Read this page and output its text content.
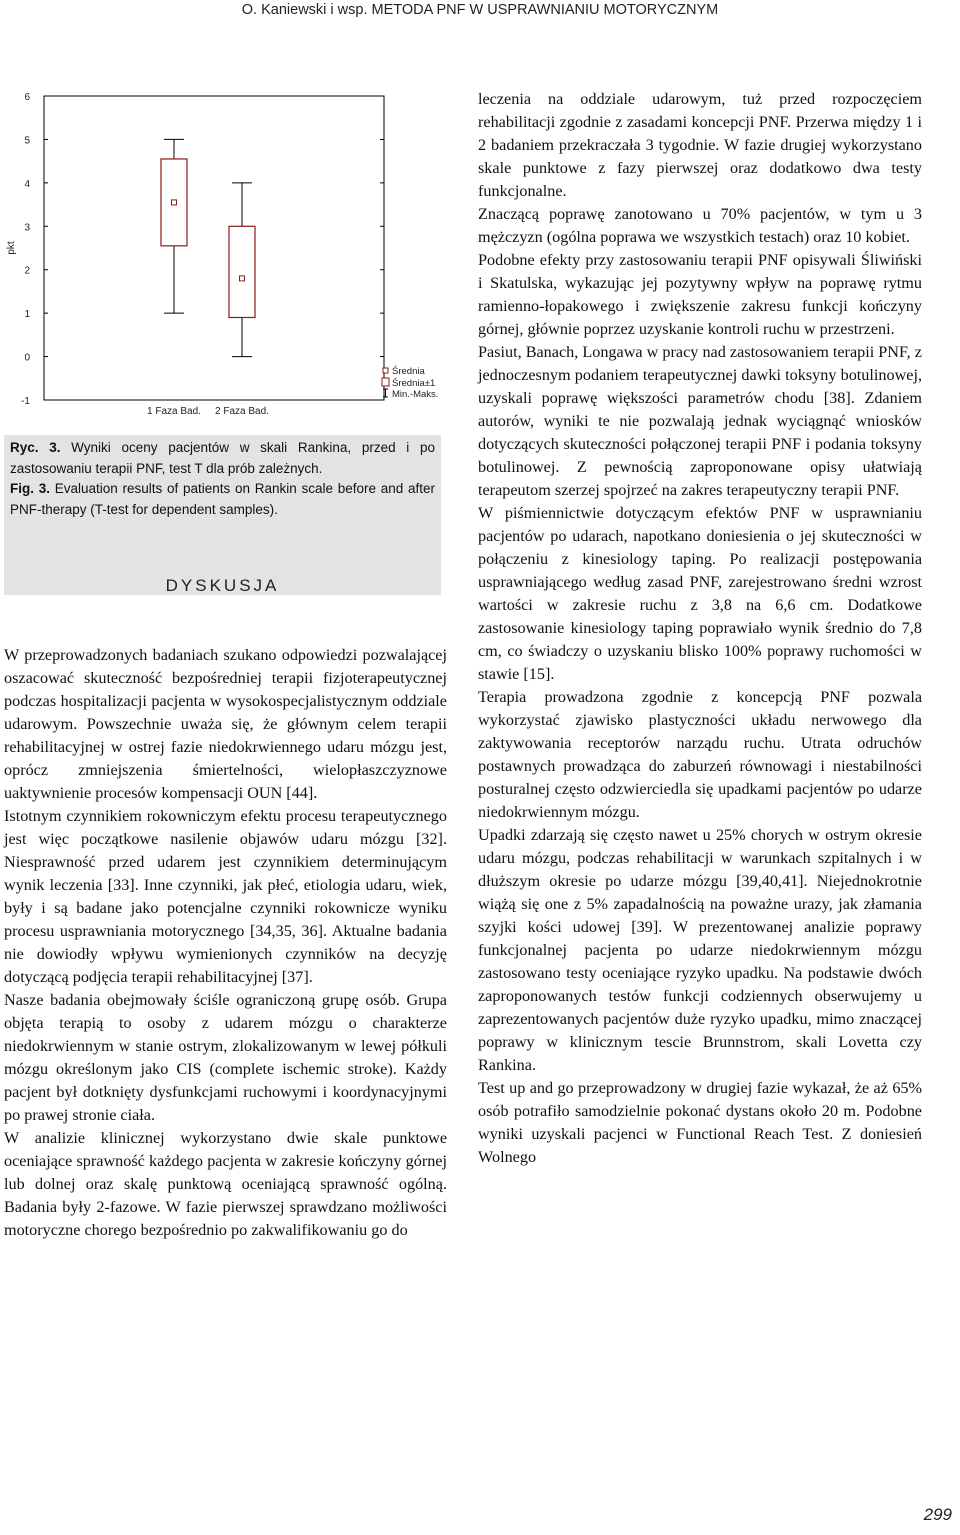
O. Kaniewski i wsp. METODA PNF W USPRAWNIANIU MOTORYCZNYM
6
5
4
3
2
1
0
-1
pkt
1 Faza Bad. 2 Faza Bad.
Średnia
Średnia±1
Min.-Maks.

Ryc. 3. Wyniki oceny pacjentów w skali Rankina, przed i po zastosowaniu terapii PNF, test T dla prób zależnych.

Fig. 3. Evaluation results of patients on Rankin scale before and after PNF-therapy (T-test for dependent samples).

DYSKUSJA

W przeprowadzonych badaniach szukano odpowiedzi pozwalającej oszacować skuteczność bezpośredniej terapii fizjoterapeutycznej podczas hospitalizacji pacjenta w wysokospecjalistycznym oddziale udarowym. Powszechnie uważa się, że głównym celem terapii rehabilitacyjnej w ostrej fazie niedokrwiennego udaru mózgu jest, oprócz zmniejszenia śmiertelności, wielopłaszczyznowe uaktywnienie procesów kompensacji OUN [44].

Istotnym czynnikiem rokowniczym efektu procesu terapeutycznego jest więc początkowe nasilenie objawów udaru mózgu [32]. Niesprawność przed udarem jest czynnikiem determinującym wynik leczenia [33]. Inne czynniki, jak płeć, etiologia udaru, wiek, były i są badane jako potencjalne czynniki rokownicze wyniku procesu usprawniania motorycznego [34,35, 36]. Aktualne badania nie dowiodły wpływu wymienionych czynników na decyzję dotyczącą podjęcia terapii rehabilitacyjnej [37].

Nasze badania obejmowały ściśle ograniczoną grupę osób. Grupa objęta terapią to osoby z udarem mózgu o charakterze niedokrwiennym w stanie ostrym, zlokalizowanym w lewej półkuli mózgu określonym jako CIS (complete ischemic stroke). Każdy pacjent był dotknięty dysfunkcjami ruchowymi i koordynacyjnymi po prawej stronie ciała.

W analizie klinicznej wykorzystano dwie skale punktowe oceniające sprawność każdego pacjenta w zakresie kończyny górnej lub dolnej oraz skalę punktową oceniającą sprawność ogólną. Badania były 2-fazowe. W fazie pierwszej sprawdzano możliwości motoryczne chorego bezpośrednio po zakwalifikowaniu go do

leczenia na oddziale udarowym, tuż przed rozpoczęciem rehabilitacji zgodnie z zasadami koncepcji PNF. Przerwa między 1 i 2 badaniem przekraczała 3 tygodnie. W fazie drugiej wykorzystano skale punktowe z fazy pierwszej oraz dodatkowo dwa testy funkcjonalne.

Znaczącą poprawę zanotowano u 70% pacjentów, w tym u 3 mężczyzn (ogólna poprawa we wszystkich testach) oraz 10 kobiet.

Podobne efekty przy zastosowaniu terapii PNF opisywali Śliwiński i Skatulska, wykazując jej pozytywny wpływ na poprawę rytmu ramienno-łopakowego i zwiększenie zakresu funkcji kończyny górnej, głównie poprzez uzyskanie kontroli ruchu w przestrzeni.

Pasiut, Banach, Longawa w pracy nad zastosowaniem terapii PNF, z jednoczesnym podaniem terapeutycznej dawki toksyny botulinowej, uzyskali poprawę większości parametrów chodu [38]. Zdaniem autorów, wyniki te nie pozwalają jednak wyciągnąć wniosków dotyczących skuteczności połączonej terapii PNF i podania toksyny botulinowej. Z pewnością zaproponowane opisy ułatwiają terapeutom szerzej spojrzeć na zakres terapeutyczny terapii PNF.

W piśmiennictwie dotyczącym efektów PNF w usprawnianiu pacjentów po udarach, napotkano doniesienia o jej skuteczności w połączeniu z kinesiology taping. Po realizacji postępowania usprawniającego według zasad PNF, zarejestrowano średni wzrost wartości w zakresie ruchu z 3,8 na 6,6 cm. Dodatkowe zastosowanie kinesiology taping poprawiało wynik średnio do 7,8 cm, co świadczy o uzyskaniu blisko 100% poprawy ruchomości w stawie [15].

Terapia prowadzona zgodnie z koncepcją PNF pozwala wykorzystać zjawisko plastyczności układu nerwowego dla zaktywowania receptorów narządu ruchu. Utrata odruchów postawnych prowadząca do zaburzeń równowagi i niestabilności posturalnej często odzwierciedla się upadkami pacjentów po udarze niedokrwiennym mózgu.

Upadki zdarzają się często nawet u 25% chorych w ostrym okresie udaru mózgu, podczas rehabilitacji w warunkach szpitalnych i w dłuższym okresie po udarze mózgu [39,40,41]. Niejednokrotnie wiążą się one z 5% zapadalnością na poważne urazy, jak złamania szyjki kości udowej [39]. W prezentowanej analizie poprawy funkcjonalnej pacjenta po udarze niedokrwiennym mózgu zastosowano testy oceniające ryzyko upadku. Na podstawie dwóch zaproponowanych testów funkcji codziennych obserwujemy u zaprezentowanych pacjentów duże ryzyko upadku, mimo znaczącej poprawy w klinicznym tescie Brunnstrom, skali Lovetta czy Rankina.

Test up and go przeprowadzony w drugiej fazie wykazał, że aż 65% osób potrafiło samodzielnie pokonać dystans około 20 m. Podobne wyniki uzyskali pacjenci w Functional Reach Test. Z doniesień Wolnego

299
